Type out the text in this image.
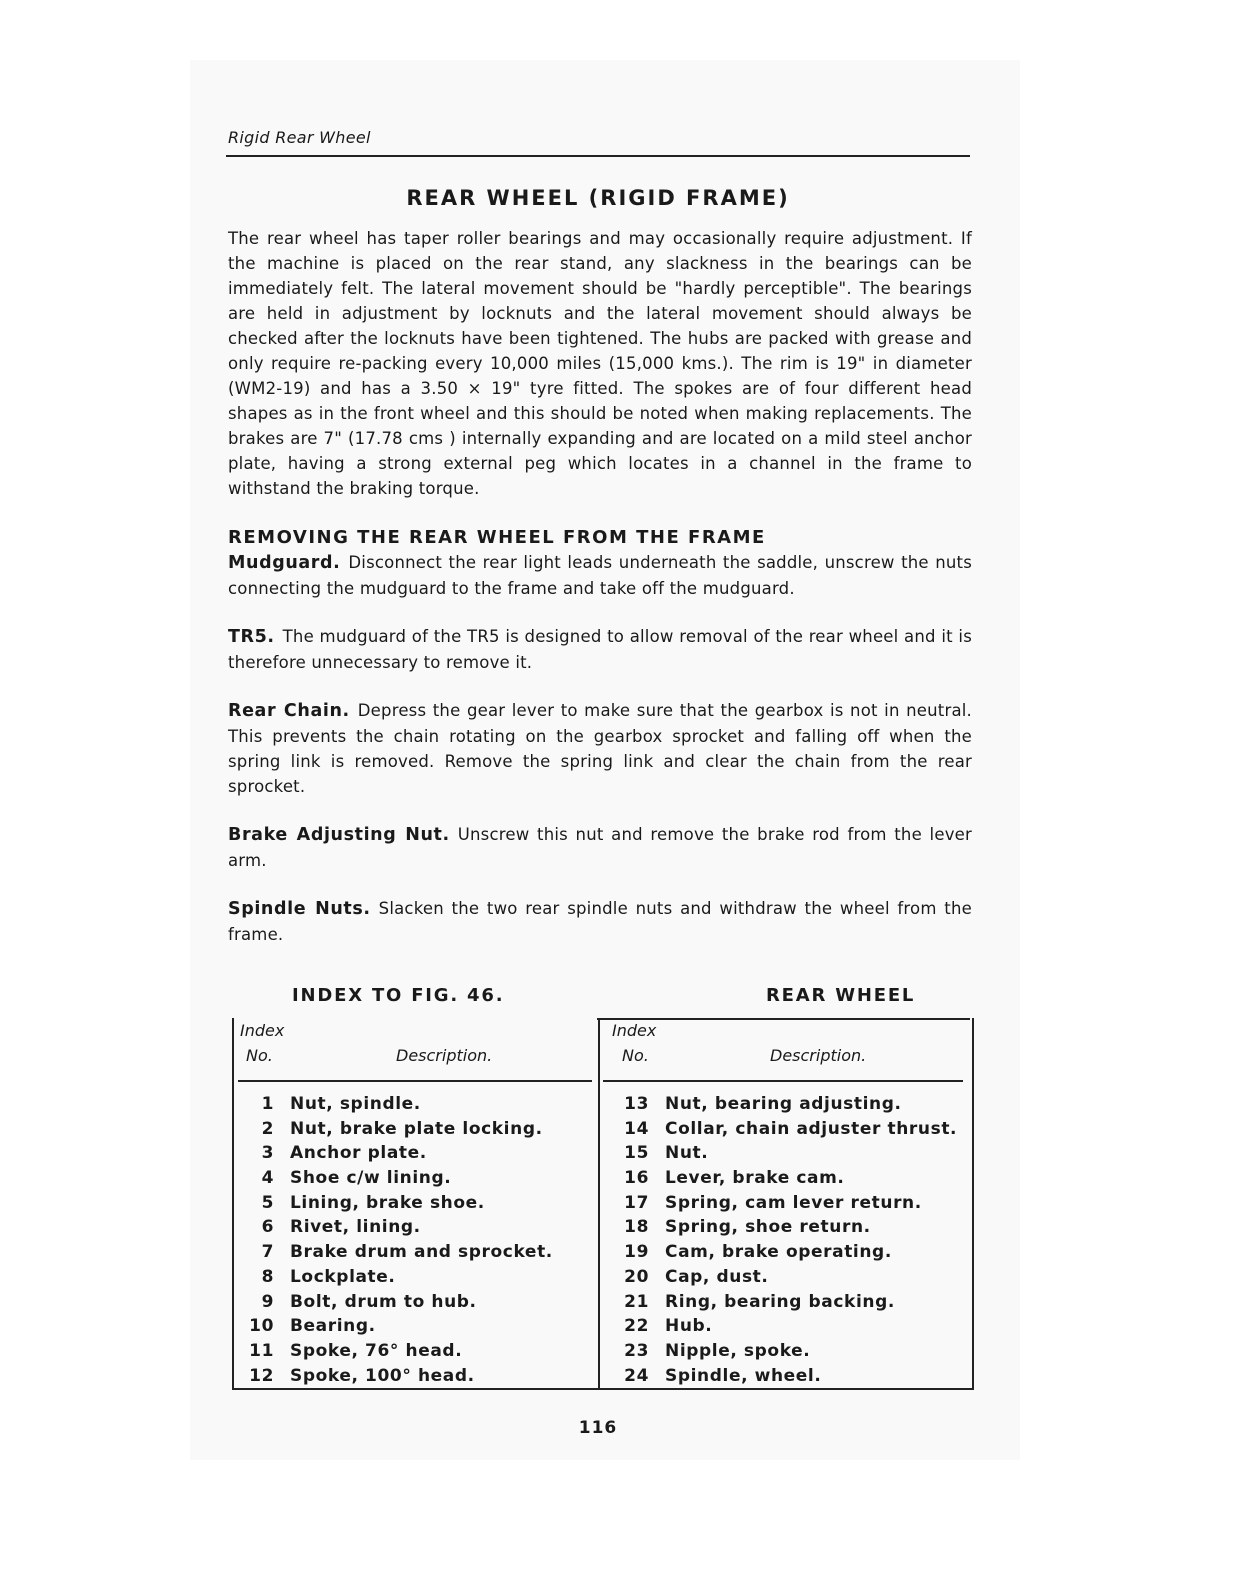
Rigid Rear Wheel
REAR WHEEL (RIGID FRAME)
The rear wheel has taper roller bearings and may occasionally require adjustment. If the machine is placed on the rear stand, any slackness in the bearings can be immediately felt. The lateral movement should be "hardly perceptible". The bearings are held in adjustment by locknuts and the lateral movement should always be checked after the locknuts have been tightened. The hubs are packed with grease and only require re-packing every 10,000 miles (15,000 kms.). The rim is 19" in diameter (WM2-19) and has a 3.50 × 19" tyre fitted. The spokes are of four different head shapes as in the front wheel and this should be noted when making replacements. The brakes are 7" (17.78 cms ) internally expanding and are located on a mild steel anchor plate, having a strong external peg which locates in a channel in the frame to withstand the braking torque.
REMOVING THE REAR WHEEL FROM THE FRAME
Mudguard. Disconnect the rear light leads underneath the saddle, unscrew the nuts connecting the mudguard to the frame and take off the mudguard.
TR5. The mudguard of the TR5 is designed to allow removal of the rear wheel and it is therefore unnecessary to remove it.
Rear Chain. Depress the gear lever to make sure that the gearbox is not in neutral. This prevents the chain rotating on the gearbox sprocket and falling off when the spring link is removed. Remove the spring link and clear the chain from the rear sprocket.
Brake Adjusting Nut. Unscrew this nut and remove the brake rod from the lever arm.
Spindle Nuts. Slacken the two rear spindle nuts and withdraw the wheel from the frame.
INDEX TO FIG. 46.	REAR WHEEL
Index
No.	Description.
Index
No.	Description.
1 Nut, spindle.
2 Nut, brake plate locking.
3 Anchor plate.
4 Shoe c/w lining.
5 Lining, brake shoe.
6 Rivet, lining.
7 Brake drum and sprocket.
8 Lockplate.
9 Bolt, drum to hub.
10 Bearing.
11 Spoke, 76° head.
12 Spoke, 100° head.
13 Nut, bearing adjusting.
14 Collar, chain adjuster thrust.
15 Nut.
16 Lever, brake cam.
17 Spring, cam lever return.
18 Spring, shoe return.
19 Cam, brake operating.
20 Cap, dust.
21 Ring, bearing backing.
22 Hub.
23 Nipple, spoke.
24 Spindle, wheel.
116
